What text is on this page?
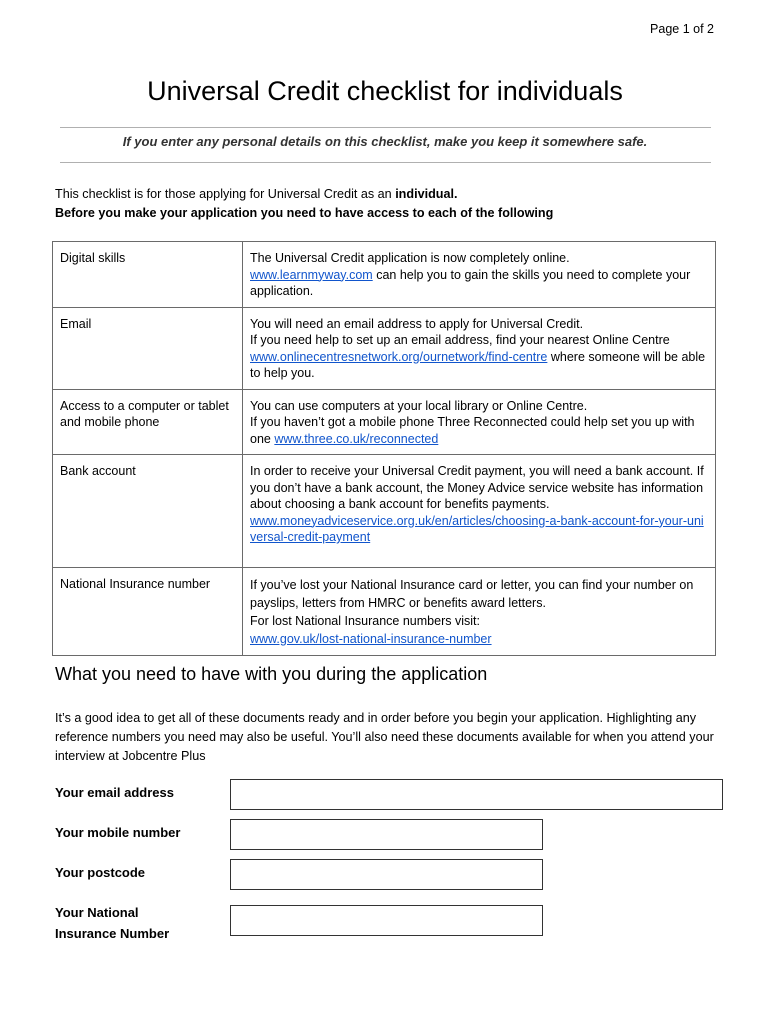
Page 1 of 2
Universal Credit checklist for individuals
If you enter any personal details on this checklist, make you keep it somewhere safe.
This checklist is for those applying for Universal Credit as an individual.
Before you make your application you need to have access to each of the following
Digital skills	The Universal Credit application is now completely online.
www.learnmyway.com can help you to gain the skills you need to complete your application.
Email	You will need an email address to apply for Universal Credit.
If you need help to set up an email address, find your nearest Online Centre www.onlinecentresnetwork.org/ournetwork/find-centre where someone will be able to help you.
Access to a computer or tablet and mobile phone	You can use computers at your local library or Online Centre.
If you haven’t got a mobile phone Three Reconnected could help set you up with one www.three.co.uk/reconnected
Bank account	In order to receive your Universal Credit payment, you will need a bank account. If you don’t have a bank account, the Money Advice service website has information about choosing a bank account for benefits payments.
www.moneyadviceservice.org.uk/en/articles/choosing-a-bank-account-for-your-universal-credit-payment
National Insurance number	If you’ve lost your National Insurance card or letter, you can find your number on payslips, letters from HMRC or benefits award letters.
For lost National Insurance numbers visit:
www.gov.uk/lost-national-insurance-number
What you need to have with you during the application
It’s a good idea to get all of these documents ready and in order before you begin your application. Highlighting any reference numbers you need may also be useful. You’ll also need these documents available for when you attend your interview at Jobcentre Plus
Your email address
Your mobile number
Your postcode
Your National
Insurance Number
